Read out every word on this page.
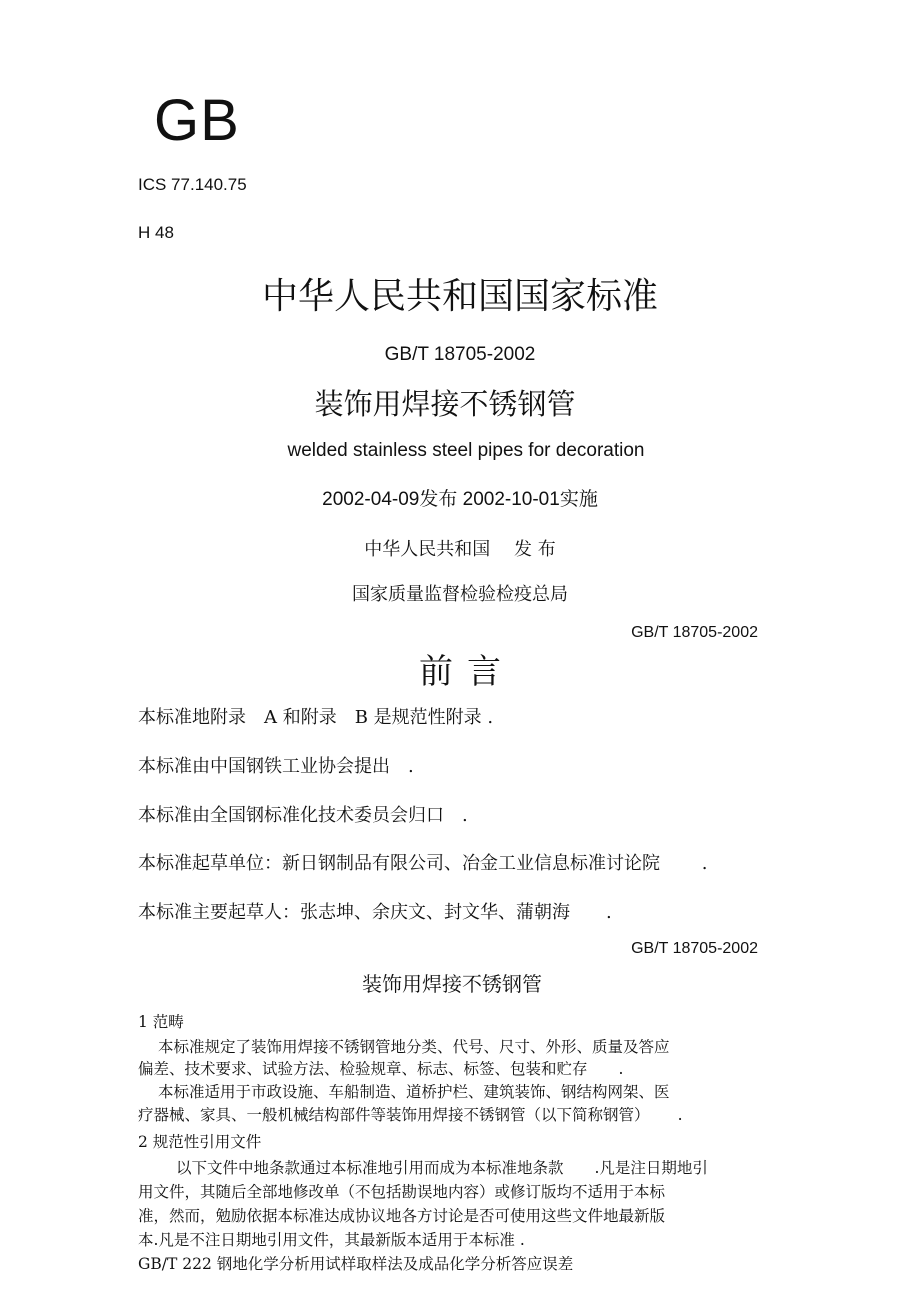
GB
ICS 77.140.75
H 48
中华人民共和国国家标准
GB/T 18705-2002
装饰用焊接不锈钢管
welded stainless steel pipes for decoration
2002-04-09发布 2002-10-01实施
中华人民共和国　 发 布
国家质量监督检验检疫总局
GB/T 18705-2002
前言
本标准地附录　A 和附录　B 是规范性附录 .
本标准由中国钢铁工业协会提出　.
本标准由全国钢标准化技术委员会归口　.
本标准起草单位：新日钢制品有限公司、冶金工业信息标准讨论院　　 .
本标准主要起草人：张志坤、余庆文、封文华、蒲朝海　　.
GB/T 18705-2002
装饰用焊接不锈钢管
1 范畴
本标准规定了装饰用焊接不锈钢管地分类、代号、尺寸、外形、质量及答应
偏差、技术要求、试验方法、检验规章、标志、标签、包装和贮存　　.
本标准适用于市政设施、车船制造、道桥护栏、建筑装饰、钢结构网架、医
疗器械、家具、一般机械结构部件等装饰用焊接不锈钢管（以下简称钢管）　　 .
2 规范性引用文件
以下文件中地条款通过本标准地引用而成为本标准地条款　　.凡是注日期地引
用文件，其随后全部地修改单（不包括勘误地内容）或修订版均不适用于本标
准，然而，勉励依据本标准达成协议地各方讨论是否可使用这些文件地最新版
本.凡是不注日期地引用文件，其最新版本适用于本标准 .
GB/T 222 钢地化学分析用试样取样法及成品化学分析答应误差
